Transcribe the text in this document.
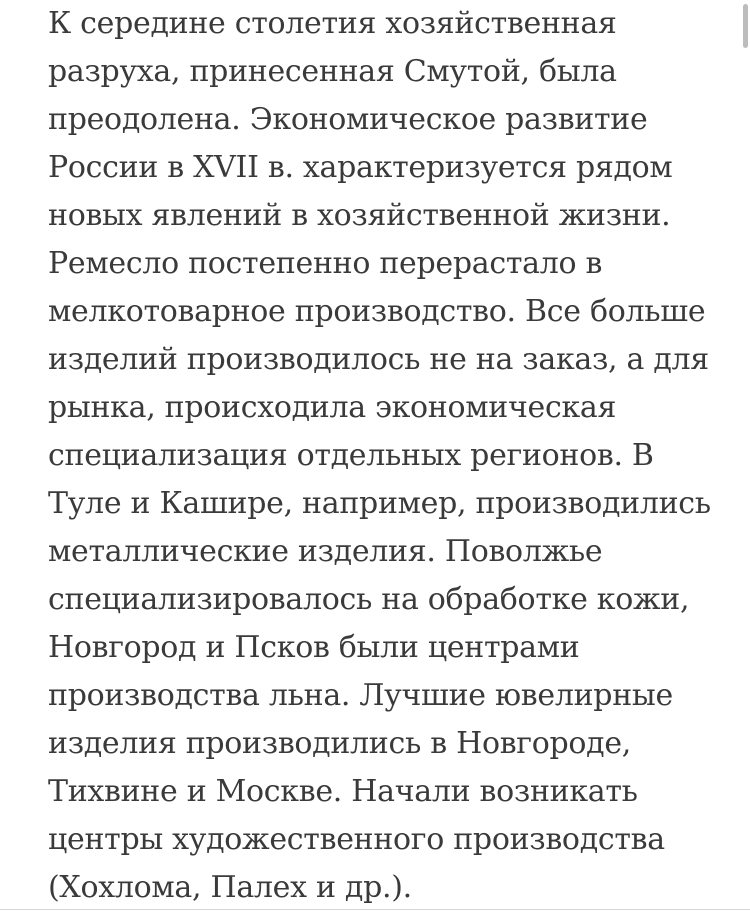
К середине столетия хозяйственная
разруха, принесенная Смутой, была
преодолена. Экономическое развитие
России в XVII в. характеризуется рядом
новых явлений в хозяйственной жизни.
Ремесло постепенно перерастало в
мелкотоварное производство. Все больше
изделий производилось не на заказ, а для
рынка, происходила экономическая
специализация отдельных регионов. В
Туле и Кашире, например, производились
металлические изделия. Поволжье
специализировалось на обработке кожи,
Новгород и Псков были центрами
производства льна. Лучшие ювелирные
изделия производились в Новгороде,
Тихвине и Москве. Начали возникать
центры художественного производства
(Хохлома, Палех и др.).
